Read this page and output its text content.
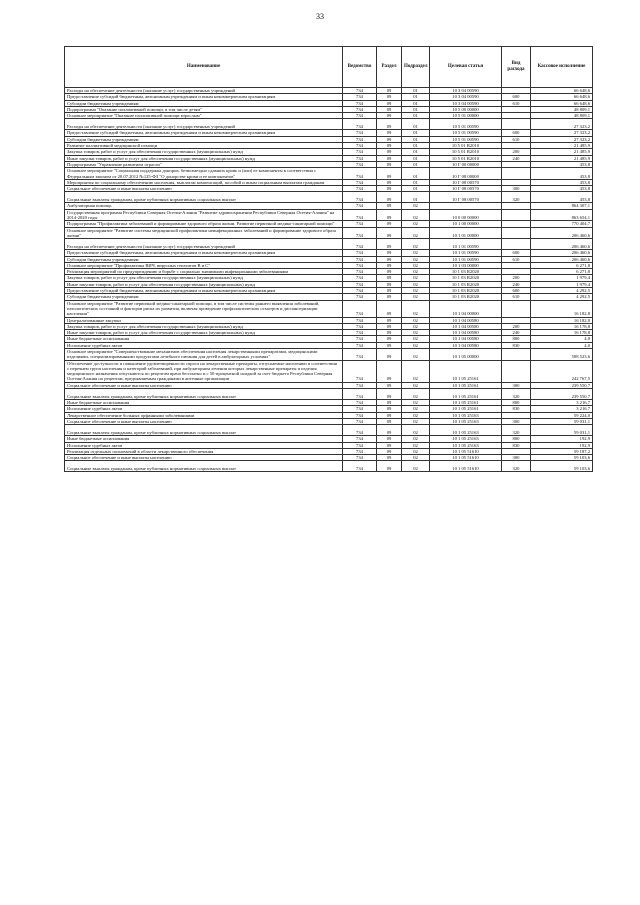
33
Наименование	Ведомство	Раздел	Подраздел	Целевая статья	Вид расхода	Кассовое исполнение
Расходы на обеспечение деятельности (оказание услуг) государственных учреждений	734	09	01	10 3 04 00590		66 648,6
Предоставление субсидий бюджетным, автономным учреждениям и иным некоммерческим организациям	734	09	01	10 3 04 00590	600	66 648,6
Субсидии бюджетным учреждениям	734	09	01	10 3 04 00590	610	66 648,6
Подпрограмма "Оказание паллиативной помощи, в том числе детям"	734	09	01	10 5 00 00000		48 809,1
Основное мероприятие "Оказание паллиативной помощи взрослым"	734	09	01	10 5 01 00000		48 809,1
Расходы на обеспечение деятельности (оказание услуг) государственных учреждений	734	09	01	10 5 01 00590		27 323,2
Предоставление субсидий бюджетным, автономным учреждениям и иным некоммерческим организациям	734	09	01	10 5 01 00590	600	27 323,2
Субсидии бюджетным учреждениям	734	09	01	10 5 01 00590	610	27 323,2
Развитие паллиативной медицинской помощи	734	09	01	10 5 01 R2010		21 485,9
Закупка товаров, работ и услуг для обеспечения государственных (муниципальных) нужд	734	09	01	10 5 01 R2010	200	21 485,9
Иные закупки товаров, работ и услуг для обеспечения государственных (муниципальных) нужд	734	09	01	10 5 01 R2010	240	21 485,9
Подпрограмма "Управление развитием отрасли"	734	09	01	10 Г 00 00000		453,8
Основное мероприятие "Социальная поддержка доноров, безвозмездно сдавших кровь и (или) ее компоненты в соответствии с Федеральным законом от 20.07.2012 №125-ФЗ "О донорстве крови и ее компонентов"	734	09	01	10 Г 08 00000		453,8
Мероприятия по социальному обеспечению населения, выплатам компенсаций, пособий и иным социальным выплатам гражданам	734	09	01	10 Г 08 00570		453,8
Социальное обеспечение и иные выплаты населению	734	09	01	10 Г 08 00570	300	453,8
Социальные выплаты гражданам, кроме публичных нормативных социальных выплат	734	09	01	10 Г 08 00570	320	453,8
Амбулаторная помощь	734	09	02			864 307,1
Государственная программа Республики Северная Осетия-Алания "Развитие здравоохранения Республики Северная Осетия-Алания" на 2014-2020 годы	734	09	02	10 0 00 00000		863 654,1
Подпрограмма "Профилактика заболеваний и формирование здорового образа жизни. Развитие первичной медико-санитарной помощи"	734	09	02	10 1 00 00000		770 404,7
Основное мероприятие "Развитие системы медицинской профилактики неинфекционных заболеваний и формирование здорового образа жизни"	734	09	02	10 1 01 00000		206 460,6
Расходы на обеспечение деятельности (оказание услуг) государственных учреждений	734	09	02	10 1 01 00590		206 460,6
Предоставление субсидий бюджетным, автономным учреждениям и иным некоммерческим организациям	734	09	02	10 1 01 00590	600	206 460,6
Субсидии бюджетным учреждениям	734	09	02	10 1 01 00590	610	206 460,6
Основное мероприятие "Профилактика ВИЧ, вирусных гепатитов В и С"	734	09	02	10 1 03 00000		6 271,8
Реализация мероприятий по предупреждению и борьбе с социально значимыми инфекционными заболеваниями	734	09	02	10 1 03 R2020		6 271,8
Закупка товаров, работ и услуг для обеспечения государственных (муниципальных) нужд	734	09	02	10 1 03 R2020	200	1 979,4
Иные закупки товаров, работ и услуг для обеспечения государственных (муниципальных) нужд	734	09	02	10 1 03 R2020	240	1 979,4
Предоставление субсидий бюджетным, автономным учреждениям и иным некоммерческим организациям	734	09	02	10 1 03 R2020	600	4 292,5
Субсидии бюджетным учреждениям	734	09	02	10 1 03 R2020	610	4 292,5
Основное мероприятие "Развитие первичной медико-санитарной помощи, в том числе системы раннего выявления заболеваний, патологических состояний и факторов риска их развития, включая проведение профилактических осмотров и диспансеризации населения"	734	09	02	10 1 04 00000		16 182,8
Централизованные закупки	734	09	02	10 1 04 00580		16 182,8
Закупка товаров, работ и услуг для обеспечения государственных (муниципальных) нужд	734	09	02	10 1 04 00580	200	16 178,8
Иные закупки товаров, работ и услуг для обеспечения государственных (муниципальных) нужд	734	09	02	10 1 04 00580	240	16 178,8
Иные бюджетные ассигнования	734	09	02	10 1 04 00580	800	4,0
Исполнение судебных актов	734	09	02	10 1 04 00580	830	4,0
Основное мероприятие "Совершенствование механизмов обеспечения населения лекарственными препаратами, медицинскими изделиями, специализированными продуктами лечебного питания для детей в амбулаторных условиях"	734	09	02	10 1 05 00000		508 523,6
Обеспечение доступности и повышение удовлетворенности спроса на лекарственные препараты, отпускаемые населению в соответствии с перечнем групп населения и категорий заболеваний, при амбулаторном лечении которых лекарственные препараты и изделия медицинского назначения отпускаются по рецептам врача бесплатно и с 50-процентной скидкой за счет бюджета Республики Северная Осетия-Алания по рецептам, предъявляемым гражданами в аптечные организации	734	09	02	10 1 05 25161		242 767,5
Социальное обеспечение и иные выплаты населению	734	09	02	10 1 05 25161	300	239 550,7
Социальные выплаты гражданам, кроме публичных нормативных социальных выплат	734	09	02	10 1 05 25161	320	239 550,7
Иные бюджетные ассигнования	734	09	02	10 1 05 25161	800	3 216,7
Исполнение судебных актов	734	09	02	10 1 05 25161	830	3 216,7
Лекарственное обеспечение больных орфанными заболеваниями	734	09	02	10 1 05 25163		59 224,0
Социальное обеспечение и иные выплаты населению	734	09	02	10 1 05 25163	300	59 031,1
Социальные выплаты гражданам, кроме публичных нормативных социальных выплат	734	09	02	10 1 05 25163	320	59 031,1
Иные бюджетные ассигнования	734	09	02	10 1 05 25163	800	192,9
Исполнение судебных актов	734	09	02	10 1 05 25163	830	192,9
Реализация отдельных полномочий в области лекарственного обеспечения	734	09	02	10 1 05 51610		59 187,2
Социальное обеспечение и иные выплаты населению	734	09	02	10 1 05 51610	300	59 103,6
Социальные выплаты гражданам, кроме публичных нормативных социальных выплат	734	09	02	10 1 05 51610	320	59 103,6
